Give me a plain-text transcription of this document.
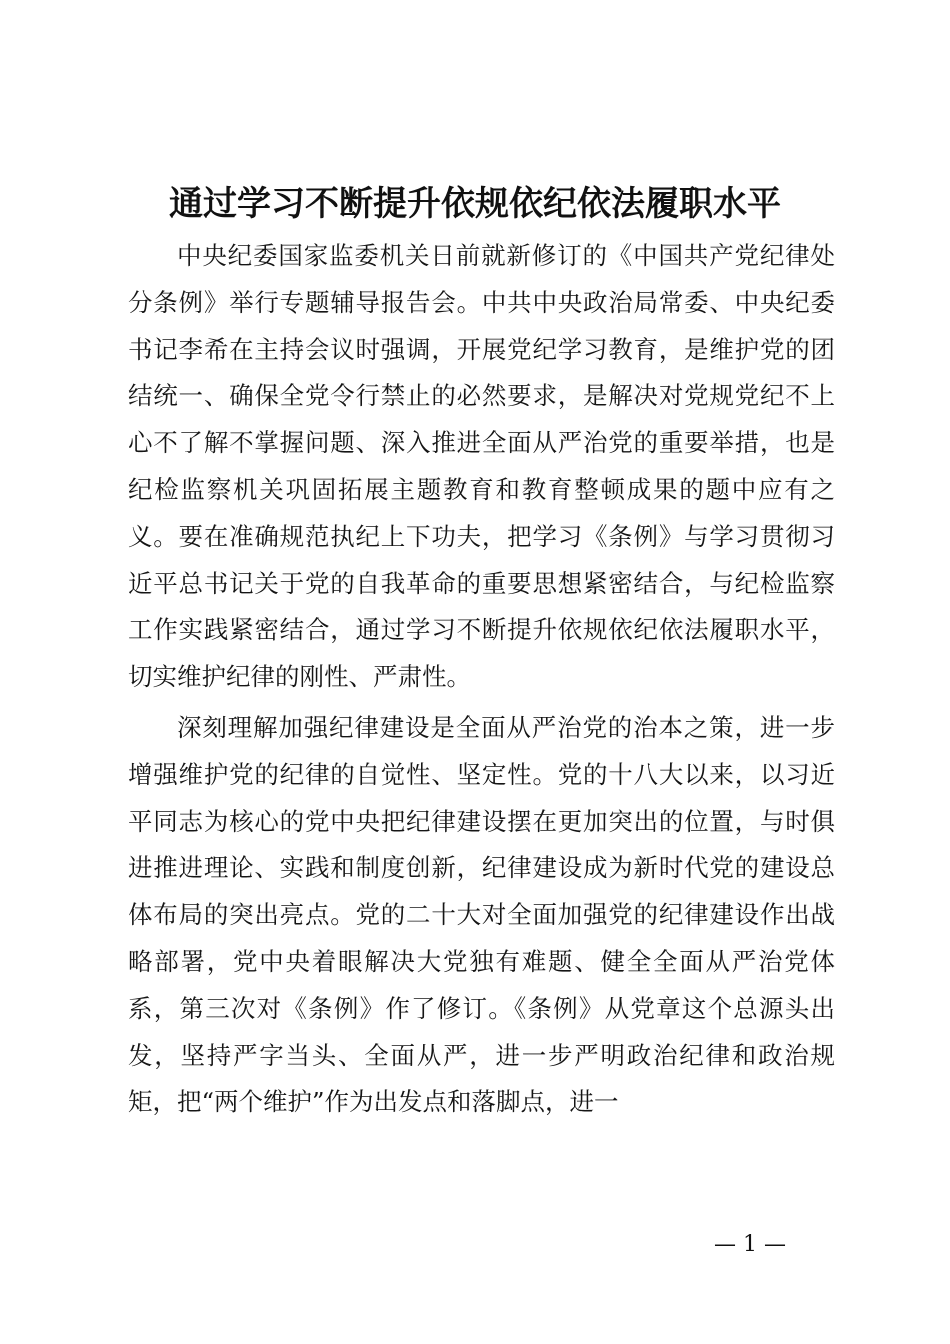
通过学习不断提升依规依纪依法履职水平

中央纪委国家监委机关日前就新修订的《中国共产党纪律处分条例》举行专题辅导报告会。中共中央政治局常委、中央纪委书记李希在主持会议时强调，开展党纪学习教育，是维护党的团结统一、确保全党令行禁止的必然要求，是解决对党规党纪不上心不了解不掌握问题、深入推进全面从严治党的重要举措，也是纪检监察机关巩固拓展主题教育和教育整顿成果的题中应有之义。要在准确规范执纪上下功夫，把学习《条例》与学习贯彻习近平总书记关于党的自我革命的重要思想紧密结合，与纪检监察工作实践紧密结合，通过学习不断提升依规依纪依法履职水平，切实维护纪律的刚性、严肃性。

深刻理解加强纪律建设是全面从严治党的治本之策，进一步增强维护党的纪律的自觉性、坚定性。党的十八大以来，以习近平同志为核心的党中央把纪律建设摆在更加突出的位置，与时俱进推进理论、实践和制度创新，纪律建设成为新时代党的建设总体布局的突出亮点。党的二十大对全面加强党的纪律建设作出战略部署，党中央着眼解决大党独有难题、健全全面从严治党体系，第三次对《条例》作了修订。《条例》从党章这个总源头出发，坚持严字当头、全面从严，进一步严明政治纪律和政治规矩，把“两个维护”作为出发点和落脚点，进一

— 1 —
